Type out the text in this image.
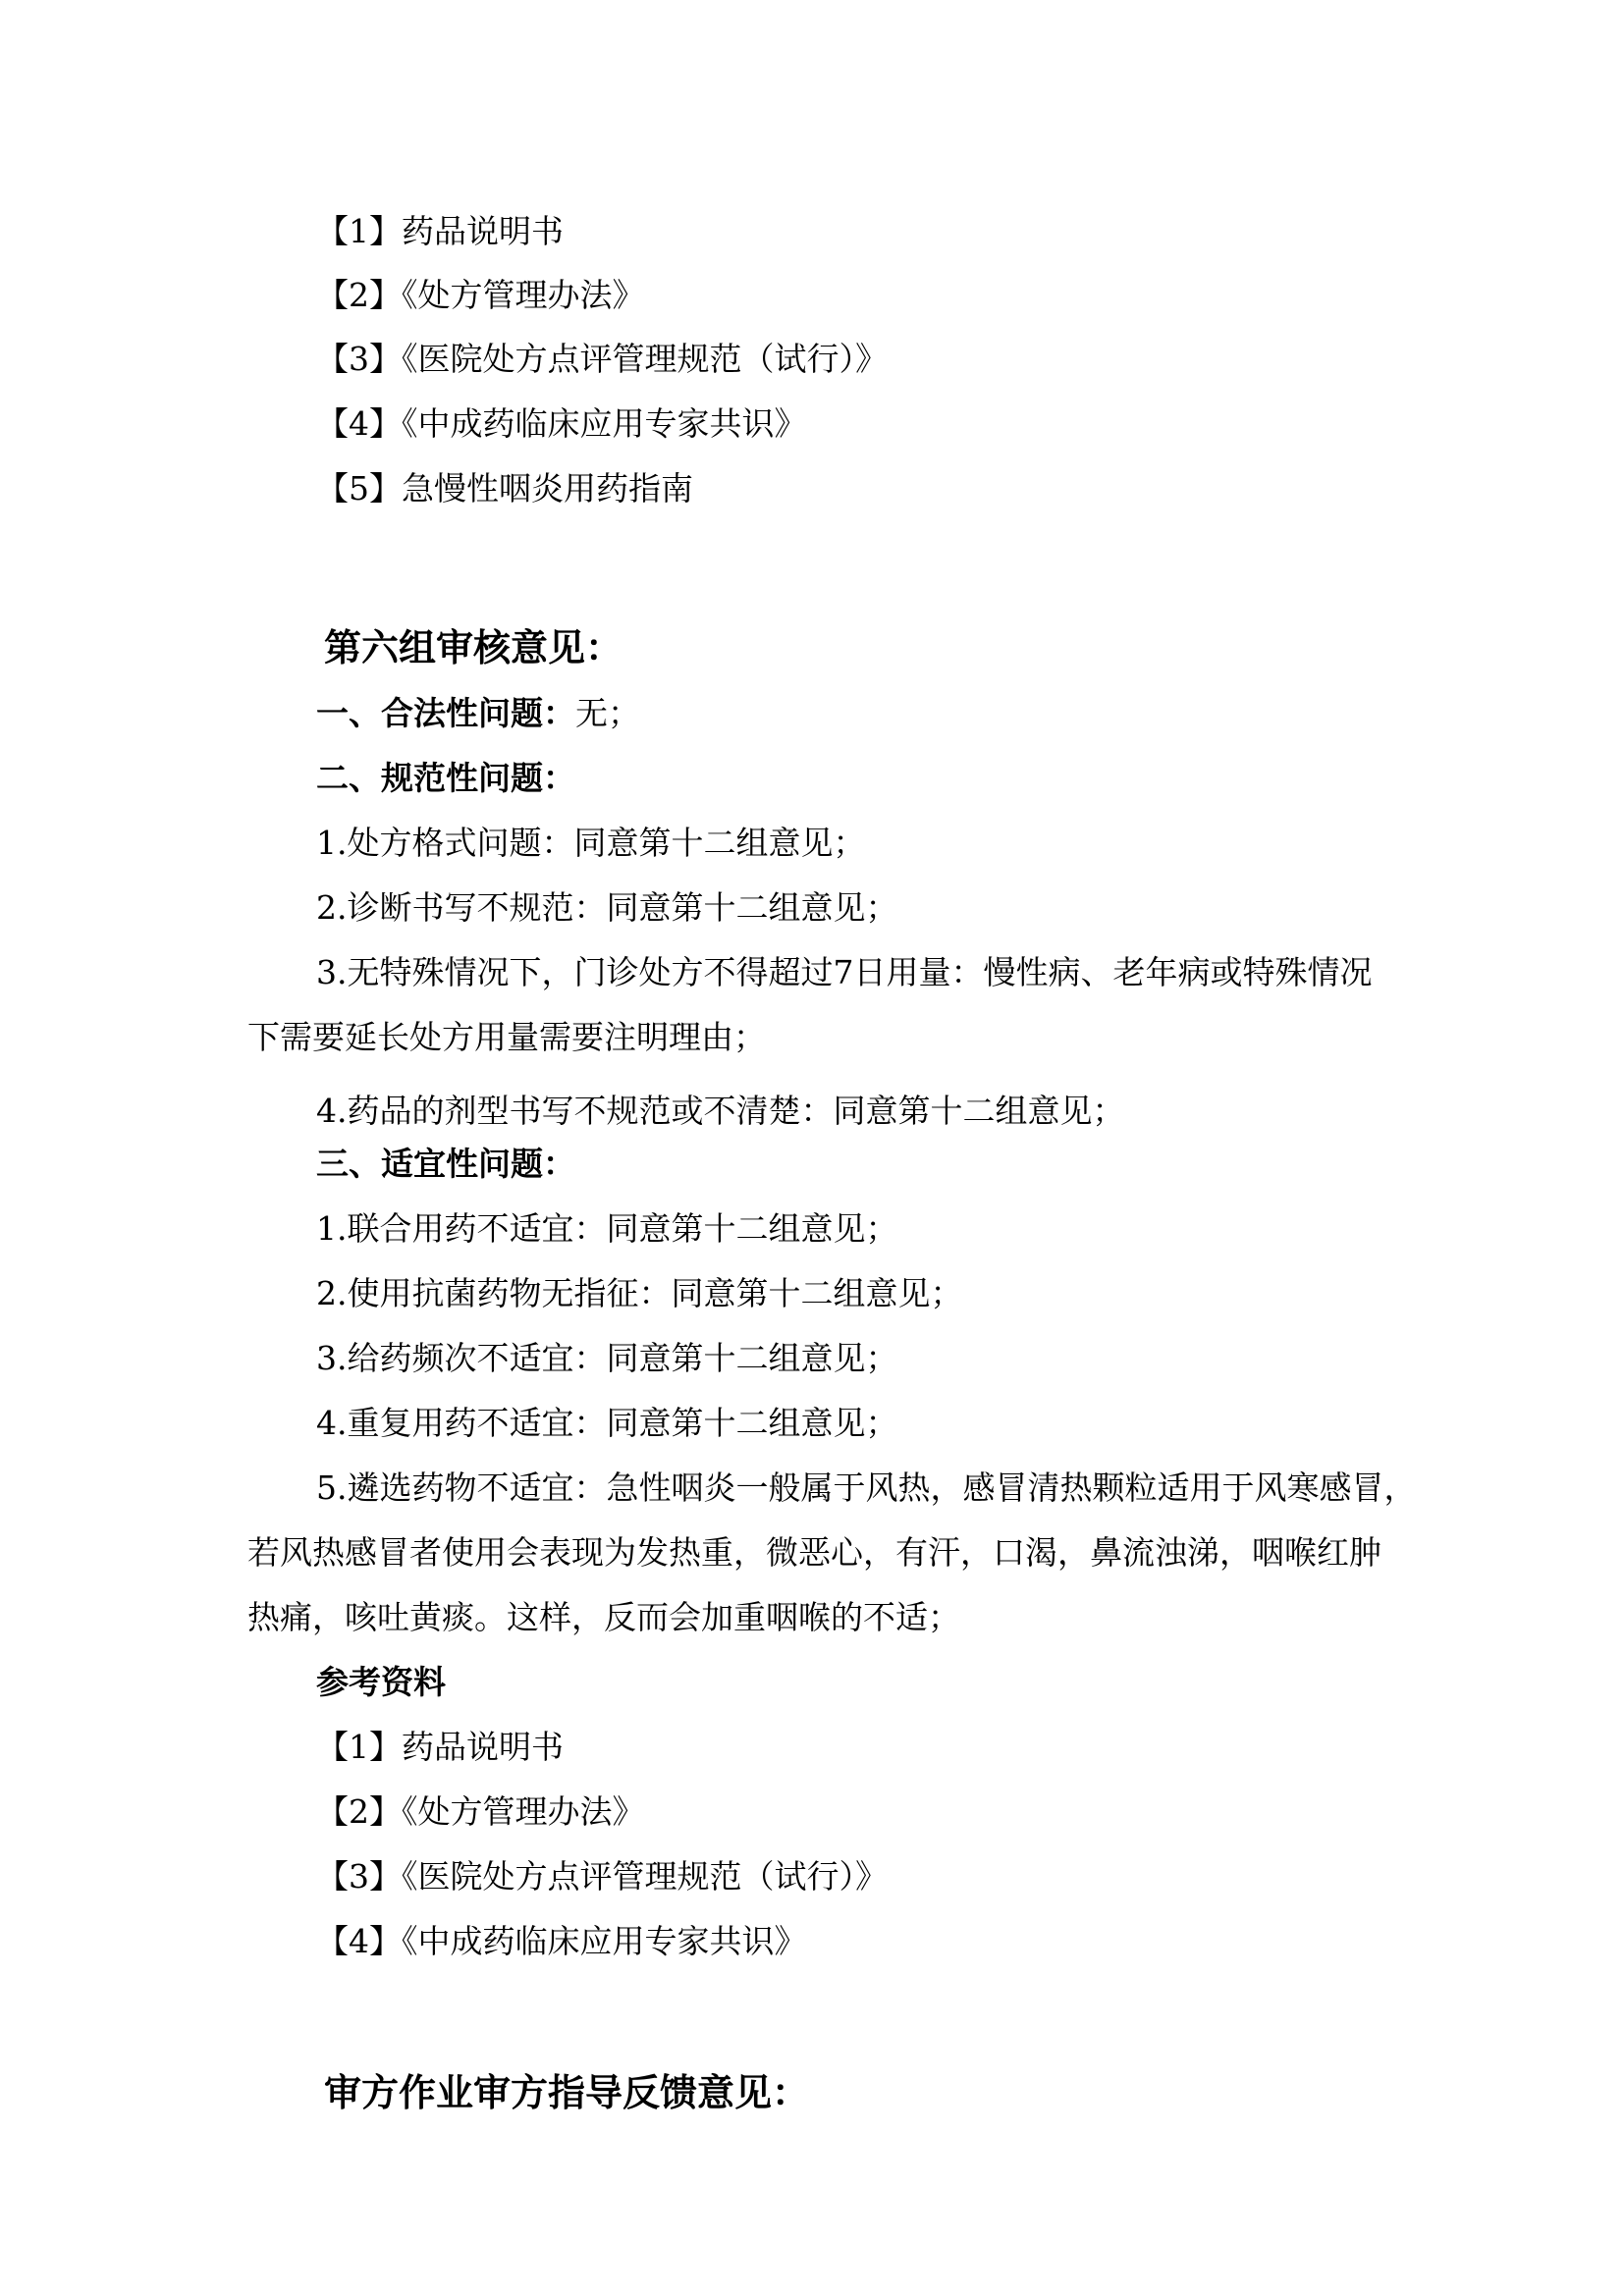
【1】药品说明书
【2】《处方管理办法》
【3】《医院处方点评管理规范（试行）》
【4】《中成药临床应用专家共识》
【5】急慢性咽炎用药指南
第六组审核意见：
一、合法性问题：无；
二、规范性问题：
1.处方格式问题：同意第十二组意见；
2.诊断书写不规范：同意第十二组意见；
3.无特殊情况下，门诊处方不得超过7日用量：慢性病、老年病或特殊情况
下需要延长处方用量需要注明理由；
4.药品的剂型书写不规范或不清楚：同意第十二组意见；
三、适宜性问题：
1.联合用药不适宜：同意第十二组意见；
2.使用抗菌药物无指征：同意第十二组意见；
3.给药频次不适宜：同意第十二组意见；
4.重复用药不适宜：同意第十二组意见；
5.遴选药物不适宜：急性咽炎一般属于风热，感冒清热颗粒适用于风寒感冒，
若风热感冒者使用会表现为发热重，微恶心，有汗，口渴，鼻流浊涕，咽喉红肿
热痛，咳吐黄痰。这样，反而会加重咽喉的不适；
参考资料
【1】药品说明书
【2】《处方管理办法》
【3】《医院处方点评管理规范（试行）》
【4】《中成药临床应用专家共识》
审方作业审方指导反馈意见：
